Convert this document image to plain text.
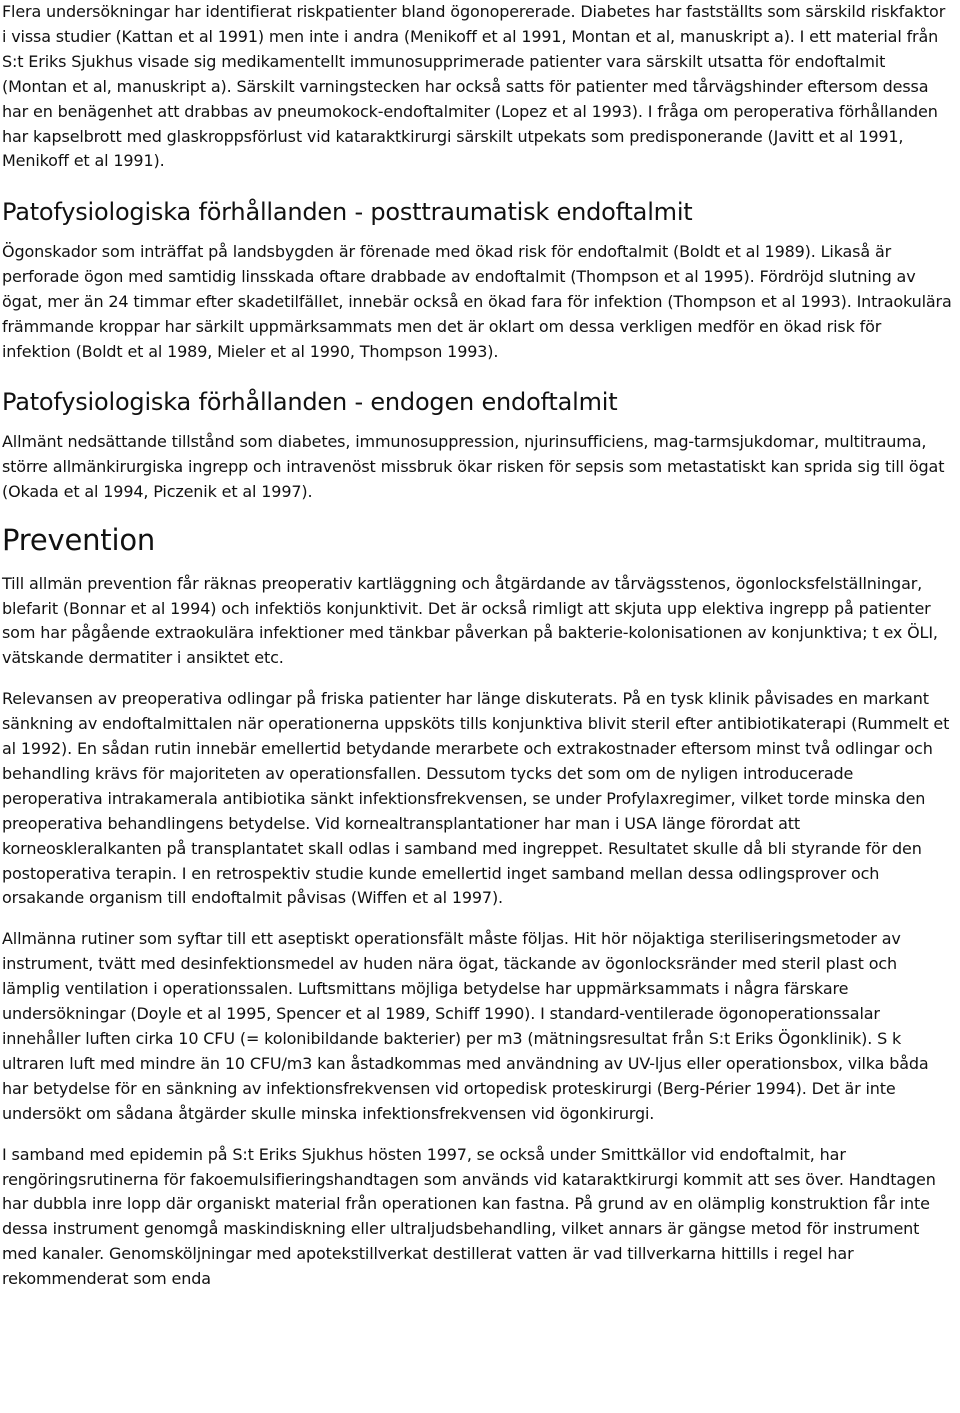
Flera undersökningar har identifierat riskpatienter bland ögonopererade. Diabetes har fastställts som särskild riskfaktor i vissa studier (Kattan et al 1991) men inte i andra (Menikoff et al 1991, Montan et al, manuskript a). I ett material från S:t Eriks Sjukhus visade sig medikamentellt immunosupprimerade patienter vara särskilt utsatta för endoftalmit (Montan et al, manuskript a). Särskilt varningstecken har också satts för patienter med tårvägshinder eftersom dessa har en benägenhet att drabbas av pneumokock-endoftalmiter (Lopez et al 1993). I fråga om peroperativa förhållanden har kapselbrott med glaskroppsförlust vid kataraktkirurgi särskilt utpekats som predisponerande (Javitt et al 1991, Menikoff et al 1991).

Patofysiologiska förhållanden - posttraumatisk endoftalmit

Ögonskador som inträffat på landsbygden är förenade med ökad risk för endoftalmit (Boldt et al 1989). Likaså är perforade ögon med samtidig linsskada oftare drabbade av endoftalmit (Thompson et al 1995). Fördröjd slutning av ögat, mer än 24 timmar efter skadetilfället, innebär också en ökad fara för infektion (Thompson et al 1993). Intraokulära främmande kroppar har särkilt uppmärksammats men det är oklart om dessa verkligen medför en ökad risk för infektion (Boldt et al 1989, Mieler et al 1990, Thompson 1993).

Patofysiologiska förhållanden - endogen endoftalmit

Allmänt nedsättande tillstånd som diabetes, immunosuppression, njurinsufficiens, mag-tarmsjukdomar, multitrauma, större allmänkirurgiska ingrepp och intravenöst missbruk ökar risken för sepsis som metastatiskt kan sprida sig till ögat (Okada et al 1994, Piczenik et al 1997).

Prevention

Till allmän prevention får räknas preoperativ kartläggning och åtgärdande av tårvägsstenos, ögonlocksfelställningar, blefarit (Bonnar et al 1994) och infektiös konjunktivit. Det är också rimligt att skjuta upp elektiva ingrepp på patienter som har pågående extraokulära infektioner med tänkbar påverkan på bakterie-kolonisationen av konjunktiva; t ex ÖLI, vätskande dermatiter i ansiktet etc.

Relevansen av preoperativa odlingar på friska patienter har länge diskuterats. På en tysk klinik påvisades en markant sänkning av endoftalmittalen när operationerna uppsköts tills konjunktiva blivit steril efter antibiotikaterapi (Rummelt et al 1992). En sådan rutin innebär emellertid betydande merarbete och extrakostnader eftersom minst två odlingar och behandling krävs för majoriteten av operationsfallen. Dessutom tycks det som om de nyligen introducerade peroperativa intrakamerala antibiotika sänkt infektionsfrekvensen, se under Profylaxregimer, vilket torde minska den preoperativa behandlingens betydelse. Vid kornealtransplantationer har man i USA länge förordat att korneoskleralkanten på transplantatet skall odlas i samband med ingreppet. Resultatet skulle då bli styrande för den postoperativa terapin. I en retrospektiv studie kunde emellertid inget samband mellan dessa odlingsprover och orsakande organism till endoftalmit påvisas (Wiffen et al 1997).

Allmänna rutiner som syftar till ett aseptiskt operationsfält måste följas. Hit hör nöjaktiga steriliseringsmetoder av instrument, tvätt med desinfektionsmedel av huden nära ögat, täckande av ögonlocksränder med steril plast och lämplig ventilation i operationssalen. Luftsmittans möjliga betydelse har uppmärksammats i några färskare undersökningar (Doyle et al 1995, Spencer et al 1989, Schiff 1990). I standard-ventilerade ögonoperationssalar innehåller luften cirka 10 CFU (= kolonibildande bakterier) per m3 (mätningsresultat från S:t Eriks Ögonklinik). S k ultraren luft med mindre än 10 CFU/m3 kan åstadkommas med användning av UV-ljus eller operationsbox, vilka båda har betydelse för en sänkning av infektionsfrekvensen vid ortopedisk proteskirurgi (Berg-Périer 1994). Det är inte undersökt om sådana åtgärder skulle minska infektionsfrekvensen vid ögonkirurgi.

I samband med epidemin på S:t Eriks Sjukhus hösten 1997, se också under Smittkällor vid endoftalmit, har rengöringsrutinerna för fakoemulsifieringshandtagen som används vid kataraktkirurgi kommit att ses över. Handtagen har dubbla inre lopp där organiskt material från operationen kan fastna. På grund av en olämplig konstruktion får inte dessa instrument genomgå maskindiskning eller ultraljudsbehandling, vilket annars är gängse metod för instrument med kanaler. Genomsköljningar med apotekstillverkat destillerat vatten är vad tillverkarna hittills i regel har rekommenderat som enda
